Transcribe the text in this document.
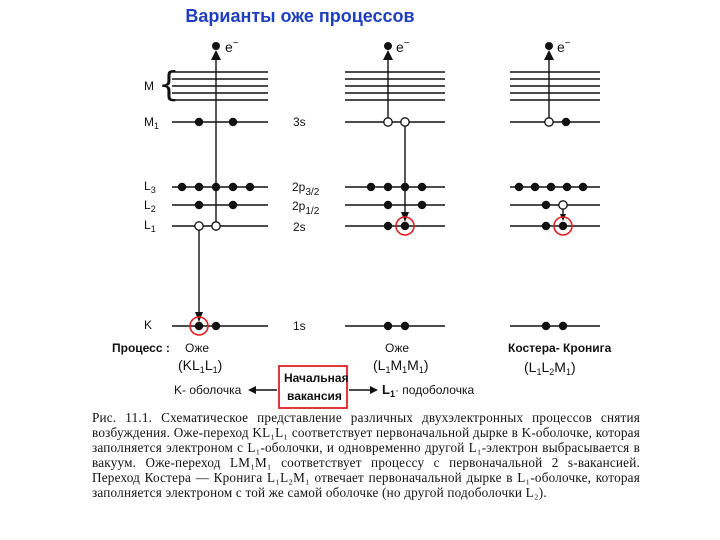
Варианты оже процессов
M {
$M_1$
$L_3$
$L_2$
$L_1$
K
3s
$2p_{3/2}$
$2p_{1/2}$
2s
1s
e−	e−	e−
Процесс : Оже
$(KL_1L_1)$
Оже
$(L_1M_1M_1)$
Костера- Кронига
$(L_1L_2M_1)$
Начальная
вакансия
K- оболочка	$L_1\cdot$ подоболочка

Рис. 11.1. Схематическое представление различных двухэлектронных процессов снятия возбуждения. Оже-переход KL₁L₁ соответствует первоначальной дырке в K-оболочке, которая заполняется электроном с L₁-оболочки, и одновременно другой L₁-электрон выбрасывается в вакуум. Оже-переход LM₁M₁ соответствует процессу с первоначальной 2 s-вакансией. Переход Костера — Кронига L₁L₂M₁ отвечает первоначальной дырке в L₁-оболочке, которая заполняется электроном с той же самой оболочке (но другой подоболочки L₂).
